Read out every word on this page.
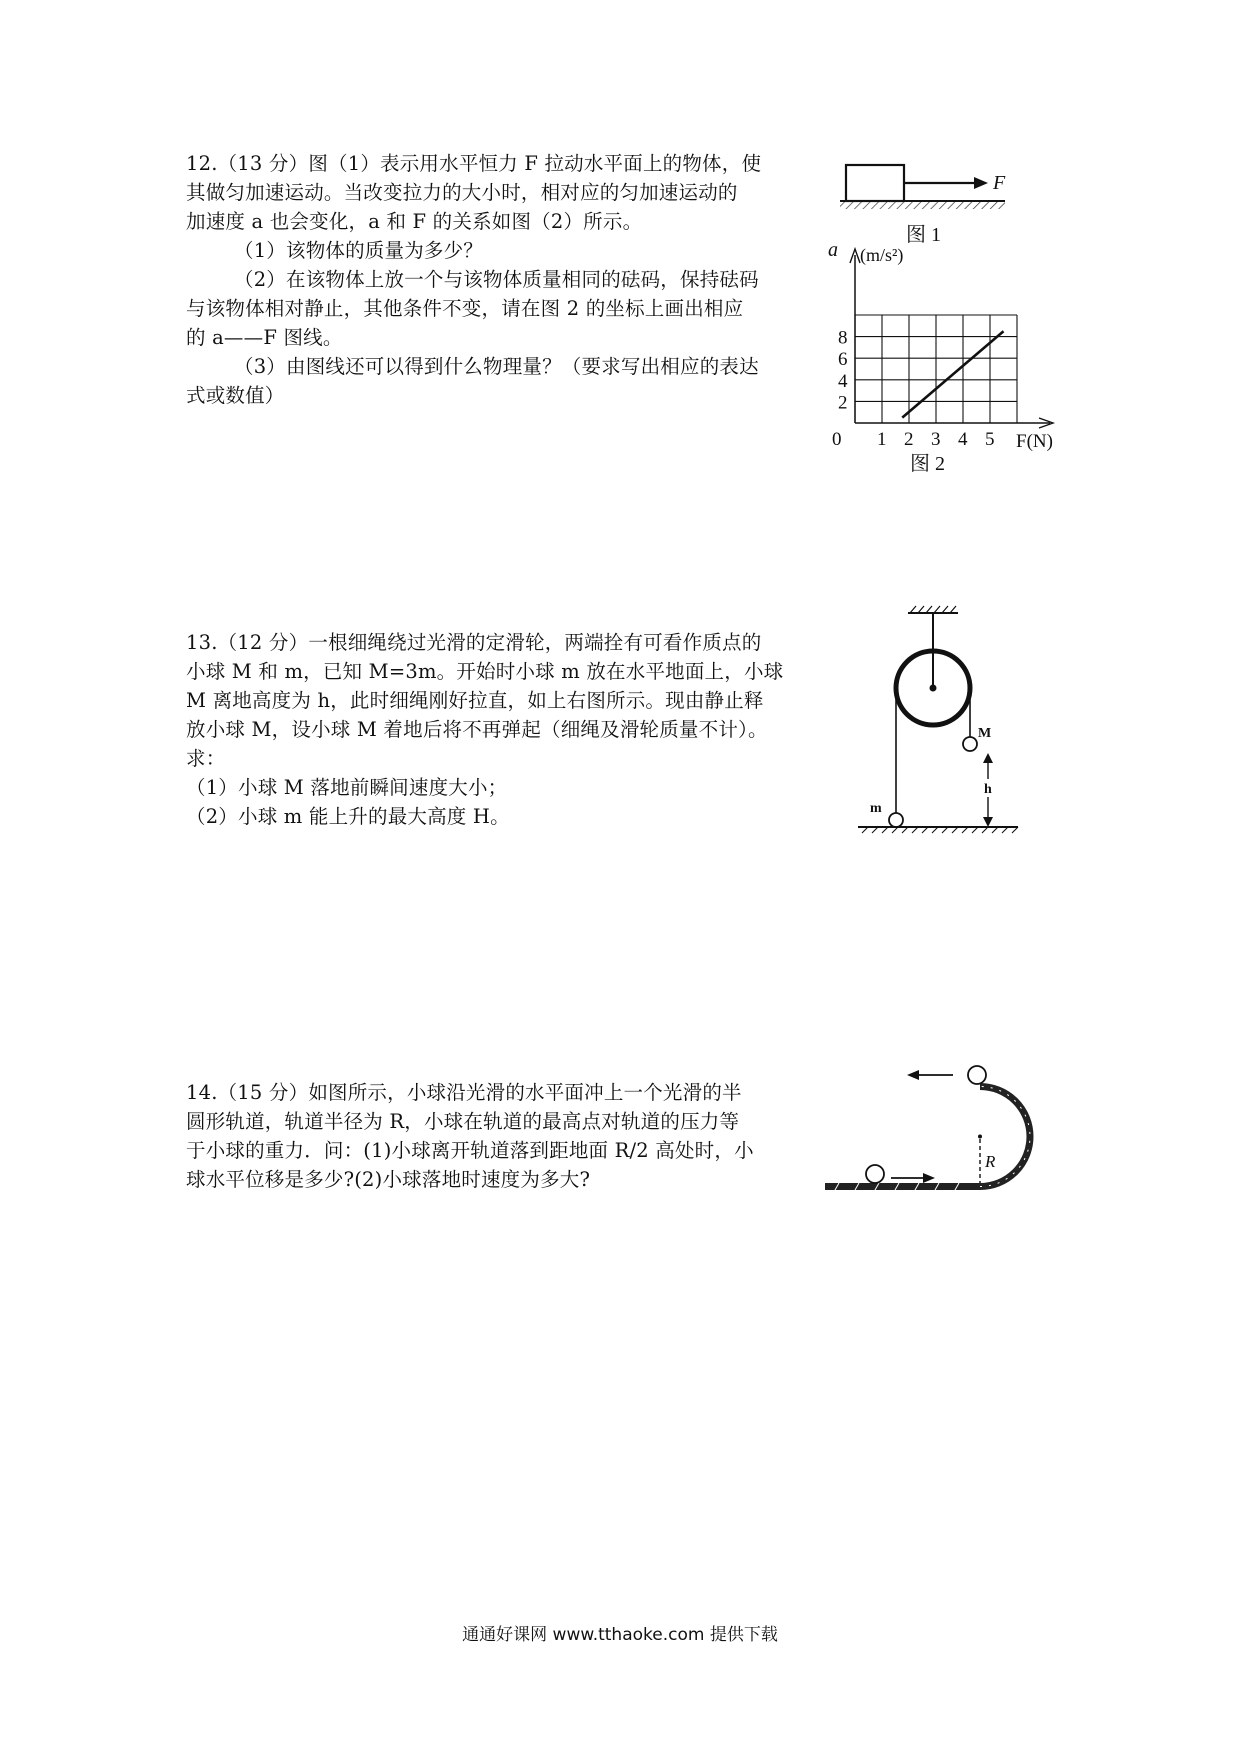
12.（13 分）图（1）表示用水平恒力 F 拉动水平面上的物体，使
其做匀加速运动。当改变拉力的大小时，相对应的匀加速运动的
加速度 a 也会变化，a 和 F 的关系如图（2）所示。
（1）该物体的质量为多少？
（2）在该物体上放一个与该物体质量相同的砝码，保持砝码
与该物体相对静止，其他条件不变，请在图 2 的坐标上画出相应
的 a——F 图线。
（3）由图线还可以得到什么物理量？（要求写出相应的表达
式或数值）
F
图 1
a (m/s²)
0 1 2 3 4 5
2
4
6
8
F(N)
图 2
13.（12 分）一根细绳绕过光滑的定滑轮，两端拴有可看作质点的
小球 M 和 m，已知 M=3m。开始时小球 m 放在水平地面上，小球
M 离地高度为 h，此时细绳刚好拉直，如上右图所示。现由静止释
放小球 M，设小球 M 着地后将不再弹起（细绳及滑轮质量不计）。
求：
（1）小球 M 落地前瞬间速度大小；
（2）小球 m 能上升的最大高度 H。
M
m
h
14.（15 分）如图所示，小球沿光滑的水平面冲上一个光滑的半
圆形轨道，轨道半径为 R，小球在轨道的最高点对轨道的压力等
于小球的重力．问：(1)小球离开轨道落到距地面 R/2 高处时，小
球水平位移是多少?(2)小球落地时速度为多大?
R
通通好课网 www.tthaoke.com 提供下载
